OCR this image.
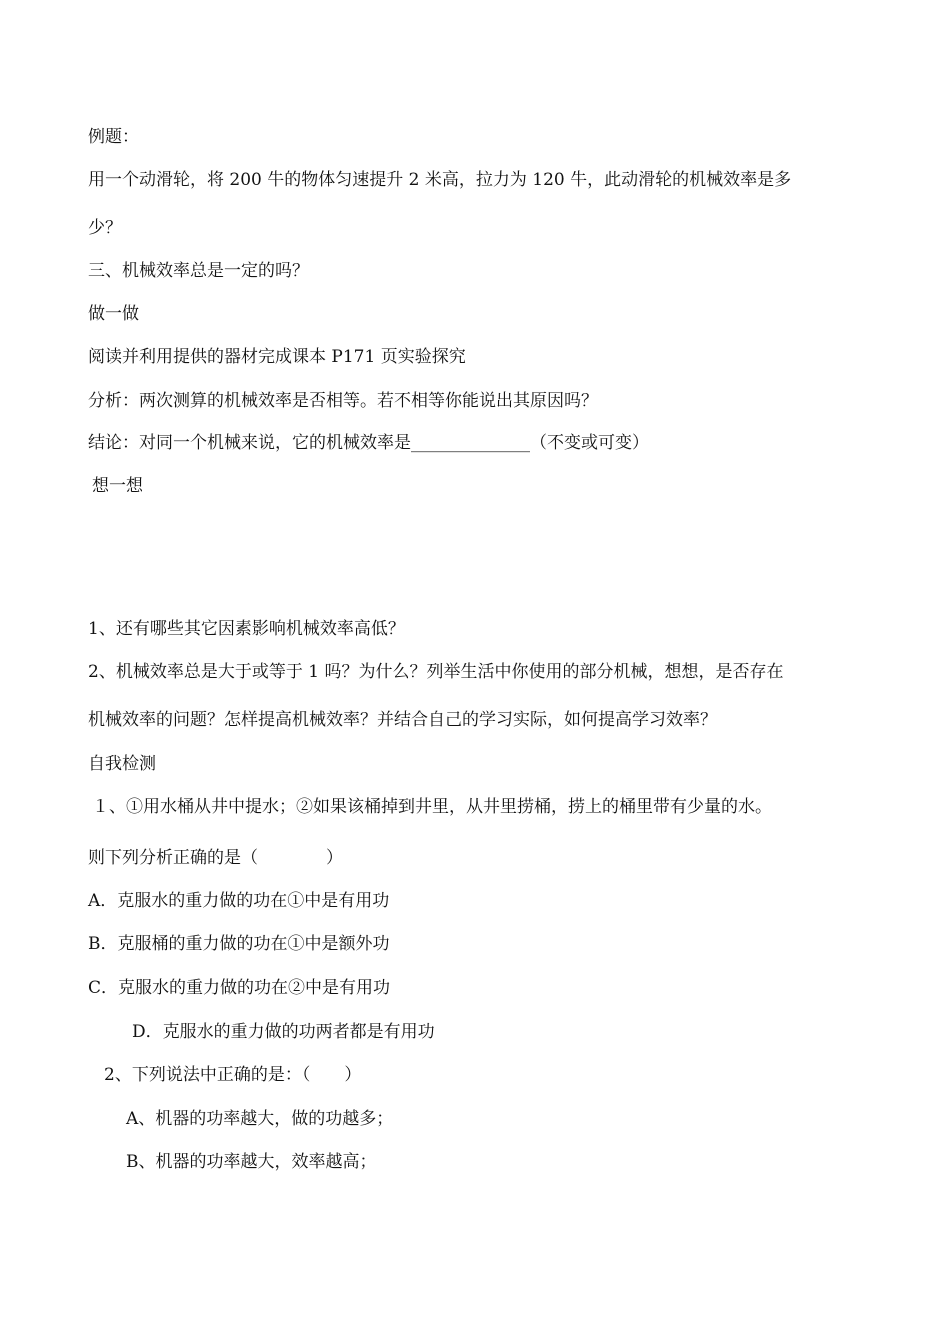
例题：
用一个动滑轮，将 200 牛的物体匀速提升 2 米高，拉力为 120 牛，此动滑轮的机械效率是多
少？
三、机械效率总是一定的吗？
做一做
阅读并利用提供的器材完成课本 P171 页实验探究
分析：两次测算的机械效率是否相等。若不相等你能说出其原因吗？
结论：对同一个机械来说，它的机械效率是______________（不变或可变）
想一想
1、还有哪些其它因素影响机械效率高低？
2、机械效率总是大于或等于 1 吗？为什么？列举生活中你使用的部分机械，想想，是否存在
机械效率的问题？怎样提高机械效率？并结合自己的学习实际，如何提高学习效率？
自我检测
１、①用水桶从井中提水；②如果该桶掉到井里，从井里捞桶，捞上的桶里带有少量的水。
则下列分析正确的是（　　　　）
A．克服水的重力做的功在①中是有用功
B．克服桶的重力做的功在①中是额外功
C．克服水的重力做的功在②中是有用功
D．克服水的重力做的功两者都是有用功
2、下列说法中正确的是：（　　）
A、机器的功率越大，做的功越多；
B、机器的功率越大，效率越高；
